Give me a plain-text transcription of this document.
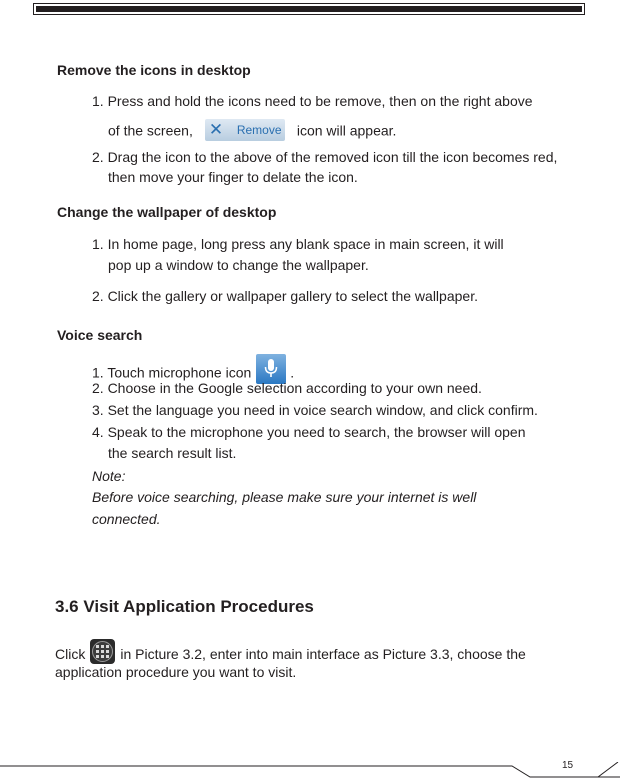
Remove the icons in desktop

1. Press and hold the icons need to be remove, then on the right above

of the screen, ✕ Remove icon will appear.

2. Drag the icon to the above of the removed icon till the icon becomes red,

then move your finger to delate the icon.

Change the wallpaper of desktop

1. In home page, long press any blank space in main screen, it will

pop up a window to change the wallpaper.

2. Click the gallery or wallpaper gallery to select the wallpaper.

Voice search

1. Touch microphone icon	.

2. Choose in the Google selection according to your own need.

3. Set the language you need in voice search window, and click confirm.

4. Speak to the microphone you need to search, the browser will open

the search result list.

Note:

Before voice searching, please make sure your internet is well

connected.

3.6 Visit Application Procedures

Click	in Picture 3.2, enter into main interface as Picture 3.3, choose the

application procedure you want to visit.

15
